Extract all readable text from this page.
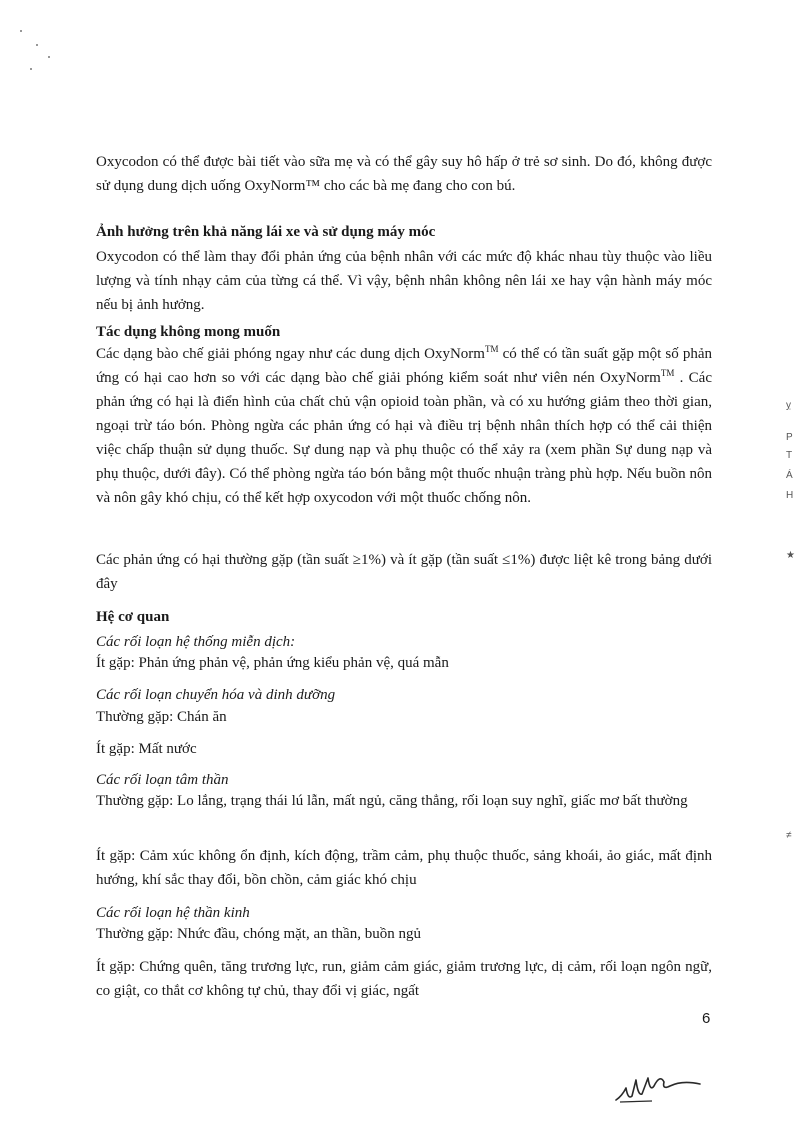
Oxycodon có thể được bài tiết vào sữa mẹ và có thể gây suy hô hấp ở trẻ sơ sinh. Do đó, không được sử dụng dung dịch uống OxyNorm™ cho các bà mẹ đang cho con bú.
Ảnh hưởng trên khả năng lái xe và sử dụng máy móc
Oxycodon có thể làm thay đổi phản ứng của bệnh nhân với các mức độ khác nhau tùy thuộc vào liều lượng và tính nhạy cảm của từng cá thể. Vì vậy, bệnh nhân không nên lái xe hay vận hành máy móc nếu bị ảnh hưởng.
Tác dụng không mong muốn
Các dạng bào chế giải phóng ngay như các dung dịch OxyNorm™ có thể có tần suất gặp một số phản ứng có hại cao hơn so với các dạng bào chế giải phóng kiểm soát như viên nén OxyNorm™ . Các phản ứng có hại là điển hình của chất chủ vận opioid toàn phần, và có xu hướng giảm theo thời gian, ngoại trừ táo bón. Phòng ngừa các phản ứng có hại và điều trị bệnh nhân thích hợp có thể cải thiện việc chấp thuận sử dụng thuốc. Sự dung nạp và phụ thuộc có thể xảy ra (xem phần Sự dung nạp và phụ thuộc, dưới đây). Có thể phòng ngừa táo bón bằng một thuốc nhuận tràng phù hợp. Nếu buồn nôn và nôn gây khó chịu, có thể kết hợp oxycodon với một thuốc chống nôn.
Các phản ứng có hại thường gặp (tần suất ≥1%) và ít gặp (tần suất ≤1%) được liệt kê trong bảng dưới đây
Hệ cơ quan
Các rối loạn hệ thống miễn dịch:
Ít gặp: Phản ứng phản vệ, phản ứng kiểu phản vệ, quá mẫn
Các rối loạn chuyển hóa và dinh dưỡng
Thường gặp: Chán ăn
Ít gặp: Mất nước
Các rối loạn tâm thần
Thường gặp: Lo lắng, trạng thái lú lẫn, mất ngủ, căng thẳng, rối loạn suy nghĩ, giấc mơ bất thường
Ít gặp: Cảm xúc không ổn định, kích động, trầm cảm, phụ thuộc thuốc, sảng khoái, ảo giác, mất định hướng, khí sắc thay đổi, bồn chồn, cảm giác khó chịu
Các rối loạn hệ thần kinh
Thường gặp: Nhức đầu, chóng mặt, an thần, buồn ngủ
Ít gặp: Chứng quên, tăng trương lực, run, giảm cảm giác, giảm trương lực, dị cảm, rối loạn ngôn ngữ, co giật, co thắt cơ không tự chủ, thay đổi vị giác, ngất
6
ỵ
P
T
Á
H
★
≠
